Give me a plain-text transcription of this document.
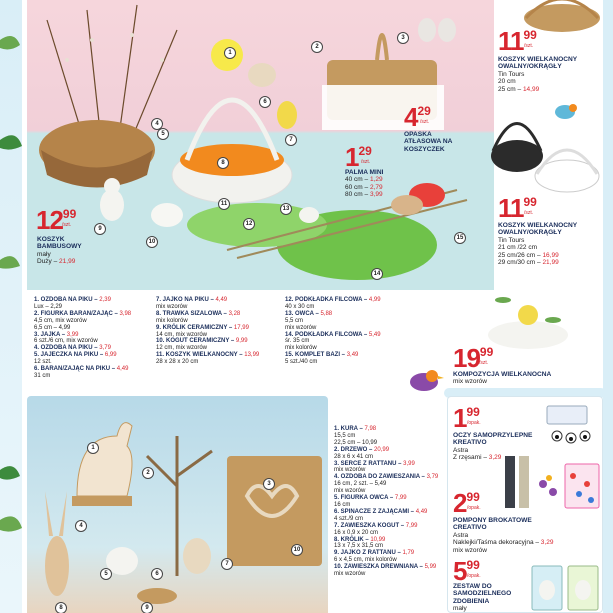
1
2
3
4
5
6
7
8
9
10
11
12
13
14
15
$12^{99}$
/szt.
KOSZYK BAMBUSOWY
mały
Duży – 21,99
$1^{29}$
/szt.
PALMA MINI
40 cm – 1,29
60 cm – 2,79
80 cm – 3,99
$4^{29}$
/szt.
OPASKA ATŁASOWA NA KOSZYCZEK
$11^{99}$
/szt.
KOSZYK WIELKANOCNY OWALNY/OKRĄGŁY
Tin Tours
20 cm
25 cm – 14,99
$11^{99}$
/szt.
KOSZYK WIELKANOCNY OWALNY/OKRĄGŁY
Tin Tours
21 cm /22 cm
25 cm/26 cm – 16,99
29 cm/30 cm – 21,99
$19^{99}$
/szt.
KOMPOZYCJA WIELKANOCNA
mix wzorów
1. OZDOBA NA PIKU – 2,39
Lux – 2,29
2. FIGURKA BARAN/ZAJĄC – 3,98
4,5 cm, mix wzorów
6,5 cm – 4,99
3. JAJKA – 3,99
6 szt./6 cm, mix wzorów
4. OZDOBA NA PIKU – 3,79
5. JAJECZKA NA PIKU – 6,99
12 szt.
6. BARAN/ZAJĄC NA PIKU – 4,49
31 cm
7. JAJKO NA PIKU – 4,49
mix wzorów
8. TRAWKA SIZALOWA – 3,28
mix kolorów
9. KRÓLIK CERAMICZNY – 17,99
14 cm, mix wzorów
10. KOGUT CERAMICZNY – 9,99
12 cm, mix wzorów
11. KOSZYK WIELKANOCNY – 13,99
28 x 28 x 20 cm
12. PODKŁADKA FILCOWA – 4,99
40 x 30 cm
13. OWCA – 5,88
5,5 cm
mix wzorów
14. PODKŁADKA FILCOWA – 5,49
śr. 35 cm
mix kolorów
15. KOMPLET BAZI – 3,49
5 szt./40 cm
1
2
3
4
5	6
7
8	9
10
1. KURA – 7,98
15,5 cm
22,5 cm – 10,99
2. DRZEWO – 20,99
28 x 6 x 41 cm
3. SERCE Z RATTANU – 3,99
mix wzorów
4. OZDOBA DO ZAWIESZANIA – 3,79
16 cm, 2 szt. – 5,49
mix wzorów
5. FIGURKA OWCA – 7,99
16 cm
6. SPINACZE Z ZAJĄCAMI – 4,49
4 szt./9 cm
7. ZAWIESZKA KOGUT – 7,99
16 x 0,9 x 20 cm
8. KRÓLIK – 10,99
13 x 7,5 x 31,5 cm
9. JAJKO Z RATTANU – 1,79
6 x 4,5 cm, mix kolorów
10. ZAWIESZKA DREWNIANA – 5,99
mix wzorów
$1^{99}$
/opak.
OCZY SAMOPRZYLEPNE KREATIVO
Astra
Z rzęsami – 3,29
$2^{99}$
/opak.
POMPONY BROKATOWE CREATIVO
Astra
Naklejki/Taśma dekoracyjna – 3,29
mix wzorów
$5^{99}$
/opak.
ZESTAW DO SAMODZIELNEGO ZDOBIENIA
mały
